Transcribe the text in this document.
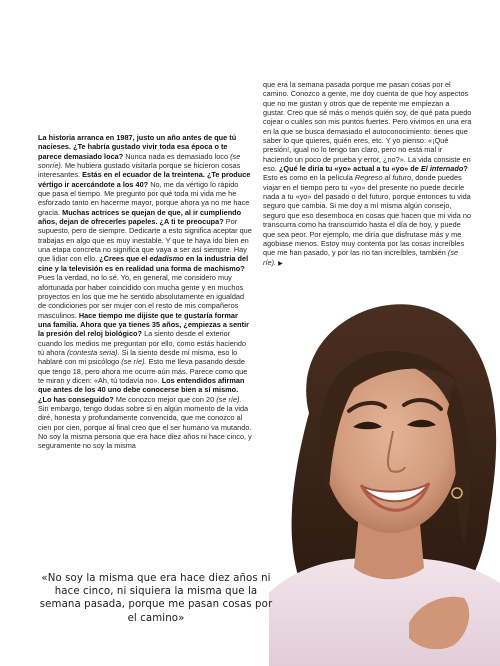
La historia arranca en 1987, justo un año antes de que tú nacieses. ¿Te habría gustado vivir toda esa época o te parece demasiado loca? Nunca nada es demasiado loco (se sonríe). Me hubiera gustado visitarla porque se hicieron cosas interesantes. Estás en el ecuador de la treintena. ¿Te produce vértigo ir acercándote a los 40? No, me da vértigo lo rápido que pasa el tiempo. Me pregunto por qué toda mi vida me he esforzado tanto en hacerme mayor, porque ahora ya no me hace gracia. Muchas actrices se quejan de que, al ir cumpliendo años, dejan de ofrecerles papeles. ¿A ti te preocupa? Por supuesto, pero de siempre. Dedicarte a esto significa aceptar que trabajas en algo que es muy inestable. Y que te haya ido bien en una etapa concreta no significa que vaya a ser así siempre. Hay que lidiar con ello. ¿Crees que el edadismo en la industria del cine y la televisión es en realidad una forma de machismo? Pues la verdad, no lo sé. Yo, en general, me considero muy afortunada por haber coincidido con mucha gente y en muchos proyectos en los que me he sentido absolutamente en igualdad de condiciones por ser mujer con el resto de mis compañeros masculinos. Hace tiempo me dijiste que te gustaría formar una familia. Ahora que ya tienes 35 años, ¿empiezas a sentir la presión del reloj biológico? La siento desde el exterior cuando los medios me preguntan por ello, como estás haciendo tú ahora (contesta seria). Si la siento desde mí misma, eso lo hablaré con mi psicólogo (se ríe). Esto me lleva pasando desde que tengo 18, pero ahora me ocurre aún más. Parece como que te miran y dicen: «Ah, tú todavía no». Los entendidos afirman que antes de los 40 uno debe conocerse bien a sí mismo. ¿Lo has conseguido? Me conozco mejor que con 20 (se ríe). Sin embargo, tengo dudas sobre si en algún momento de la vida diré, honesta y profundamente convencida, que me conozco al cien por cien, porque al final creo que el ser humano va mutando. No soy la misma persona que era hace diez años ni hace cinco, y seguramente no soy la misma

que era la semana pasada porque me pasan cosas por el camino. Conozco a gente, me doy cuenta de que hoy aspectos que no me gustan y otros que de repente me empiezan a gustar. Creo que sé más o menos quién soy, de qué pata puedo cojear o cuáles son mis puntos fuertes. Pero vivimos en una era en la que se busca demasiado el autoconocimiento: tienes que saber lo que quieres, quién eres, etc. Y yo pienso: «¡Qué presión!, igual no lo tengo tan claro, pero no está mal ir haciendo un poco de prueba y error, ¿no?». La vida consiste en eso. ¿Qué le diría tu «yo» actual a tu «yo» de El internado? Esto es como en la película Regreso al futuro, donde puedes viajar en el tiempo pero tu «yo» del presente no puede decirle nada a tu «yo» del pasado o del futuro, porque entonces tu vida seguro que cambia. Si me doy a mí misma algún consejo, seguro que eso desemboca en cosas que hacen que mi vida no transcurra como ha transcurrido hasta el día de hoy, y puede que sea peor. Por ejemplo, me diría que disfrutase más y me agobiase menos. Estoy muy contenta por las cosas increíbles que me han pasado, y por las no tan increíbles, también (se ríe). ▶

«No soy la misma que era hace diez años ni hace cinco, ni siquiera la misma que la semana pasada, porque me pasan cosas por el camino»
